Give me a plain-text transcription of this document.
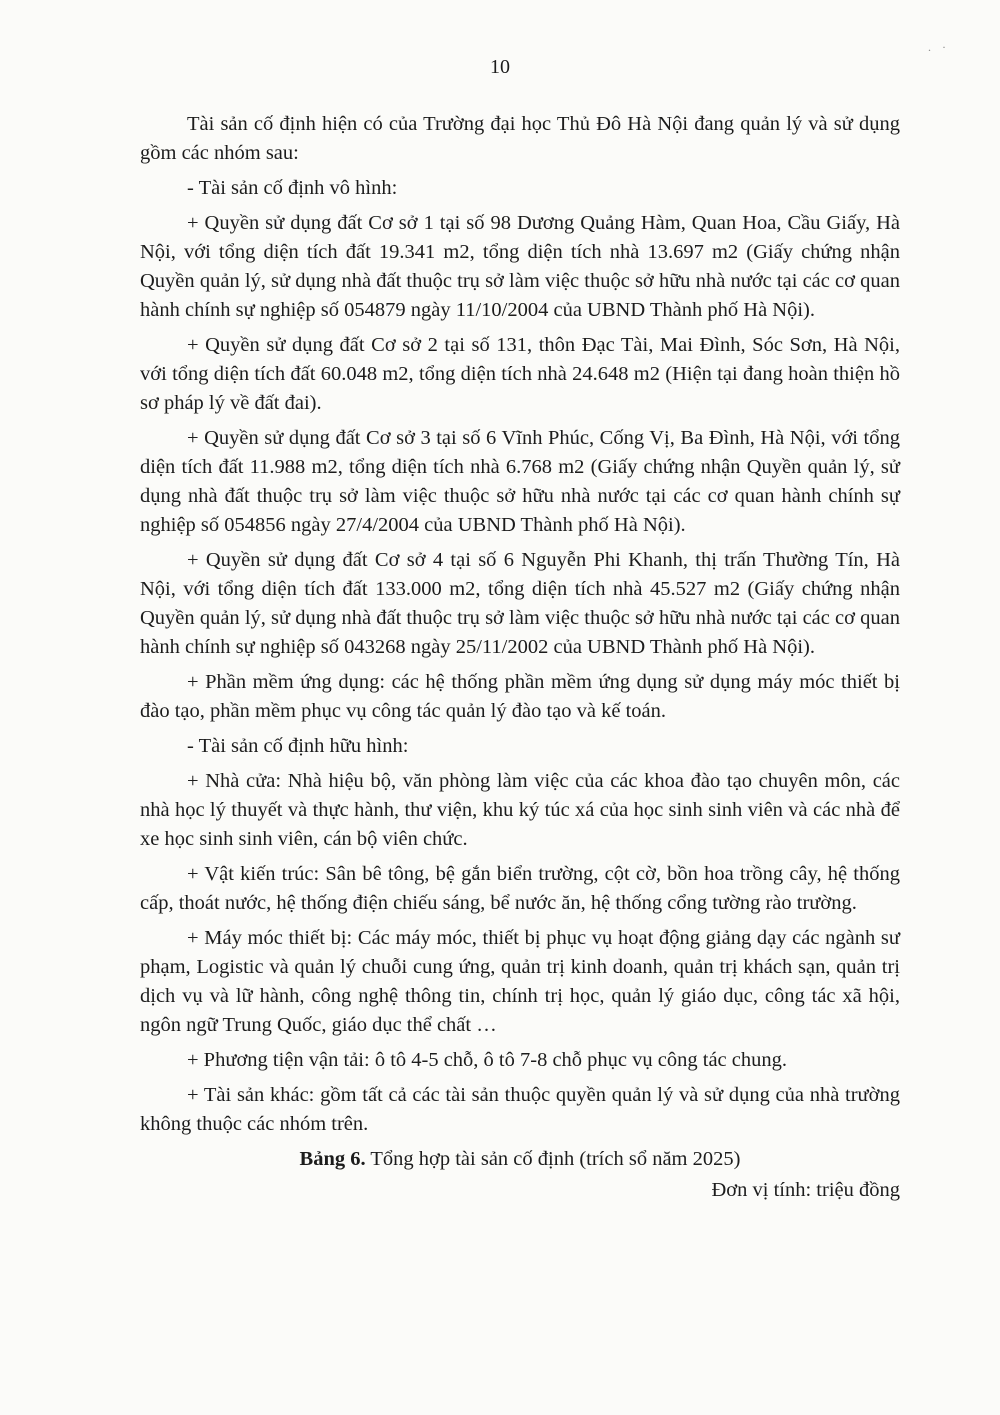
. ·
10

Tài sản cố định hiện có của Trường đại học Thủ Đô Hà Nội đang quản lý và sử dụng gồm các nhóm sau:

- Tài sản cố định vô hình:

+ Quyền sử dụng đất Cơ sở 1 tại số 98 Dương Quảng Hàm, Quan Hoa, Cầu Giấy, Hà Nội, với tổng diện tích đất 19.341 m2, tổng diện tích nhà 13.697 m2 (Giấy chứng nhận Quyền quản lý, sử dụng nhà đất thuộc trụ sở làm việc thuộc sở hữu nhà nước tại các cơ quan hành chính sự nghiệp số 054879 ngày 11/10/2004 của UBND Thành phố Hà Nội).

+ Quyền sử dụng đất Cơ sở 2 tại số 131, thôn Đạc Tài, Mai Đình, Sóc Sơn, Hà Nội, với tổng diện tích đất 60.048 m2, tổng diện tích nhà 24.648 m2 (Hiện tại đang hoàn thiện hồ sơ pháp lý về đất đai).

+ Quyền sử dụng đất Cơ sở 3 tại số 6 Vĩnh Phúc, Cống Vị, Ba Đình, Hà Nội, với tổng diện tích đất 11.988 m2, tổng diện tích nhà 6.768 m2 (Giấy chứng nhận Quyền quản lý, sử dụng nhà đất thuộc trụ sở làm việc thuộc sở hữu nhà nước tại các cơ quan hành chính sự nghiệp số 054856 ngày 27/4/2004 của UBND Thành phố Hà Nội).

+ Quyền sử dụng đất Cơ sở 4 tại số 6 Nguyễn Phi Khanh, thị trấn Thường Tín, Hà Nội, với tổng diện tích đất 133.000 m2, tổng diện tích nhà 45.527 m2 (Giấy chứng nhận Quyền quản lý, sử dụng nhà đất thuộc trụ sở làm việc thuộc sở hữu nhà nước tại các cơ quan hành chính sự nghiệp số 043268 ngày 25/11/2002 của UBND Thành phố Hà Nội).

+ Phần mềm ứng dụng: các hệ thống phần mềm ứng dụng sử dụng máy móc thiết bị đào tạo, phần mềm phục vụ công tác quản lý đào tạo và kế toán.

- Tài sản cố định hữu hình:

+ Nhà cửa: Nhà hiệu bộ, văn phòng làm việc của các khoa đào tạo chuyên môn, các nhà học lý thuyết và thực hành, thư viện, khu ký túc xá của học sinh sinh viên và các nhà để xe học sinh sinh viên, cán bộ viên chức.

+ Vật kiến trúc: Sân bê tông, bệ gắn biển trường, cột cờ, bồn hoa trồng cây, hệ thống cấp, thoát nước, hệ thống điện chiếu sáng, bể nước ăn, hệ thống cổng tường rào trường.

+ Máy móc thiết bị: Các máy móc, thiết bị phục vụ hoạt động giảng dạy các ngành sư phạm, Logistic và quản lý chuỗi cung ứng, quản trị kinh doanh, quản trị khách sạn, quản trị dịch vụ và lữ hành, công nghệ thông tin, chính trị học, quản lý giáo dục, công tác xã hội, ngôn ngữ Trung Quốc, giáo dục thể chất …

+ Phương tiện vận tải: ô tô 4-5 chỗ, ô tô 7-8 chỗ phục vụ công tác chung.

+ Tài sản khác: gồm tất cả các tài sản thuộc quyền quản lý và sử dụng của nhà trường không thuộc các nhóm trên.

Bảng 6. Tổng hợp tài sản cố định (trích sổ năm 2025)

Đơn vị tính: triệu đồng
